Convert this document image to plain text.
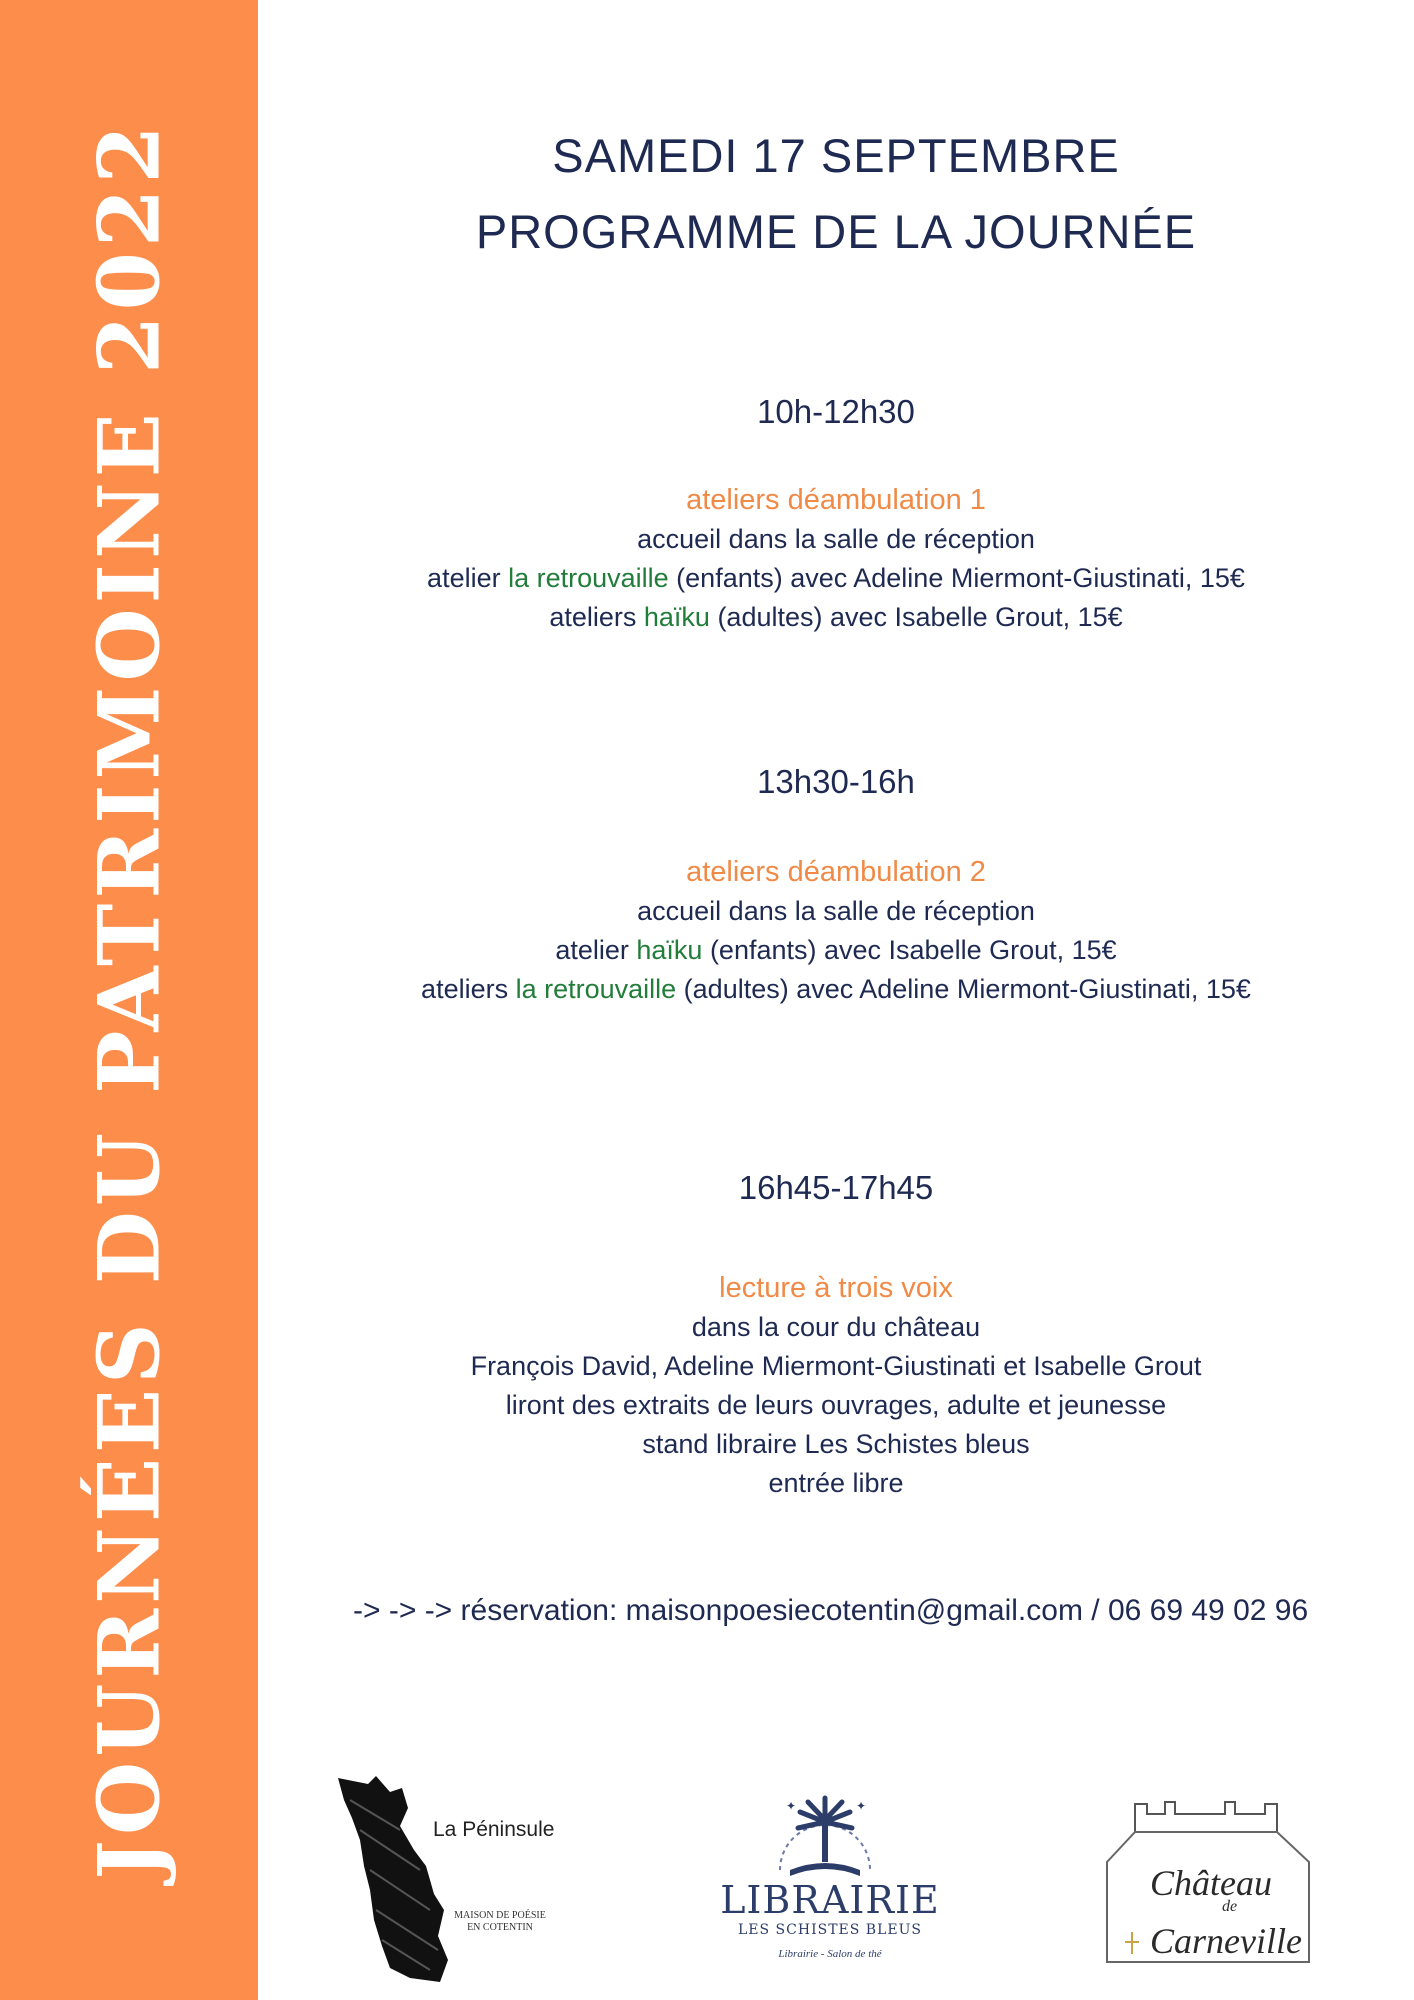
JOURNÉES DU PATRIMOINE 2022	SAMEDI 17 SEPTEMBRE
PROGRAMME DE LA JOURNÉE
10h-12h30
ateliers déambulation 1
accueil dans la salle de réception
atelier la retrouvaille (enfants) avec Adeline Miermont-Giustinati, 15€
ateliers haïku (adultes) avec Isabelle Grout, 15€
13h30-16h
ateliers déambulation 2
accueil dans la salle de réception
atelier haïku (enfants) avec Isabelle Grout, 15€
ateliers la retrouvaille (adultes) avec Adeline Miermont-Giustinati, 15€
16h45-17h45
lecture à trois voix
dans la cour du château
François David, Adeline Miermont-Giustinati et Isabelle Grout
liront des extraits de leurs ouvrages, adulte et jeunesse
stand libraire Les Schistes bleus
entrée libre
-> -> -> réservation: maisonpoesiecotentin@gmail.com / 06 69 49 02 96
La Péninsule
MAISON DE POÉSIE
EN COTENTIN
✦	✦
LIBRAIRIE
LES SCHISTES BLEUS
Librairie - Salon de thé
Château
de
Carneville
